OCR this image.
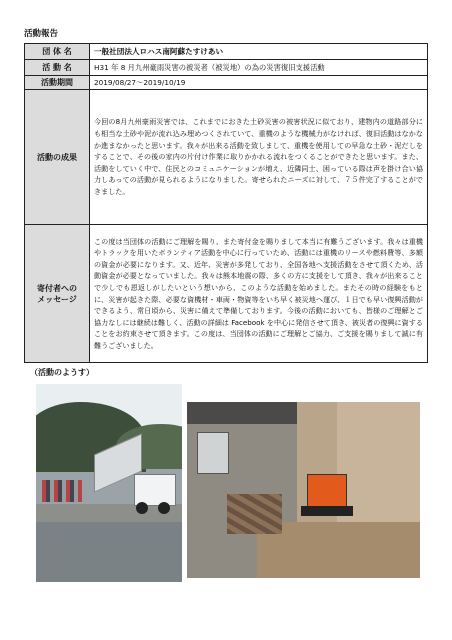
活動報告
団 体 名	一般社団法人ロハス南阿蘇たすけあい
活 動 名	H31 年 8 月九州豪雨災害の被災者（被災地）の為の災害復旧支援活動
活動期間	2019/08/27～2019/10/19
活動の成果	今回の8月九州豪雨災害では、これまでにおきた土砂災害の被害状況に似ており、建物内の道路部分にも相当な土砂や泥が流れ込み埋めつくされていて、重機のような機械力がなければ、復旧活動はなかなか進まなかったと思います。我々が出来る活動を致しまして、重機を使用しての早急な土砂・泥だしをすることで、その後の家内の片付け作業に取りかかれる流れをつくることができたと思います。また、活動をしていく中で、住民とのコミュニケーションが増え、近隣同士、困っている際は声を掛け合い協力しあっての活動が見られるようになりました。寄せられたニーズに対して、７５件完了することができました。

寄付者への
メッセージ	この度は当団体の活動にご理解を賜り、また寄付金を賜りまして本当に有難うございます。我々は重機やトラックを用いたボランティア活動を中心に行っていため、活動には重機のリースや燃料費等、多額の資金が必要になります。又、近年、災害が多発しており、全国各地へ支援活動をさせて頂くため、活動資金が必要となっていました。我々は熊本地震の際、多くの方に支援をして頂き、我々が出来ることで少しでも恩返しがしたいという想いから、このような活動を始めました。またその時の経験をもとに、災害が起きた際、必要な資機材・車両・物資等をいち早く被災地へ運び、１日でも早い復興活動ができるよう、常日頃から、災害に備えて準備しております。今後の活動においても、皆様のご理解とご協力なしには継続は難しく、活動の詳細は Facebook を中心に発信させて頂き、被災者の復興に資することをお約束させて頂きます。この度は、当団体の活動にご理解とご協力、ご支援を賜りまして誠に有難うございました。
（活動のようす）
